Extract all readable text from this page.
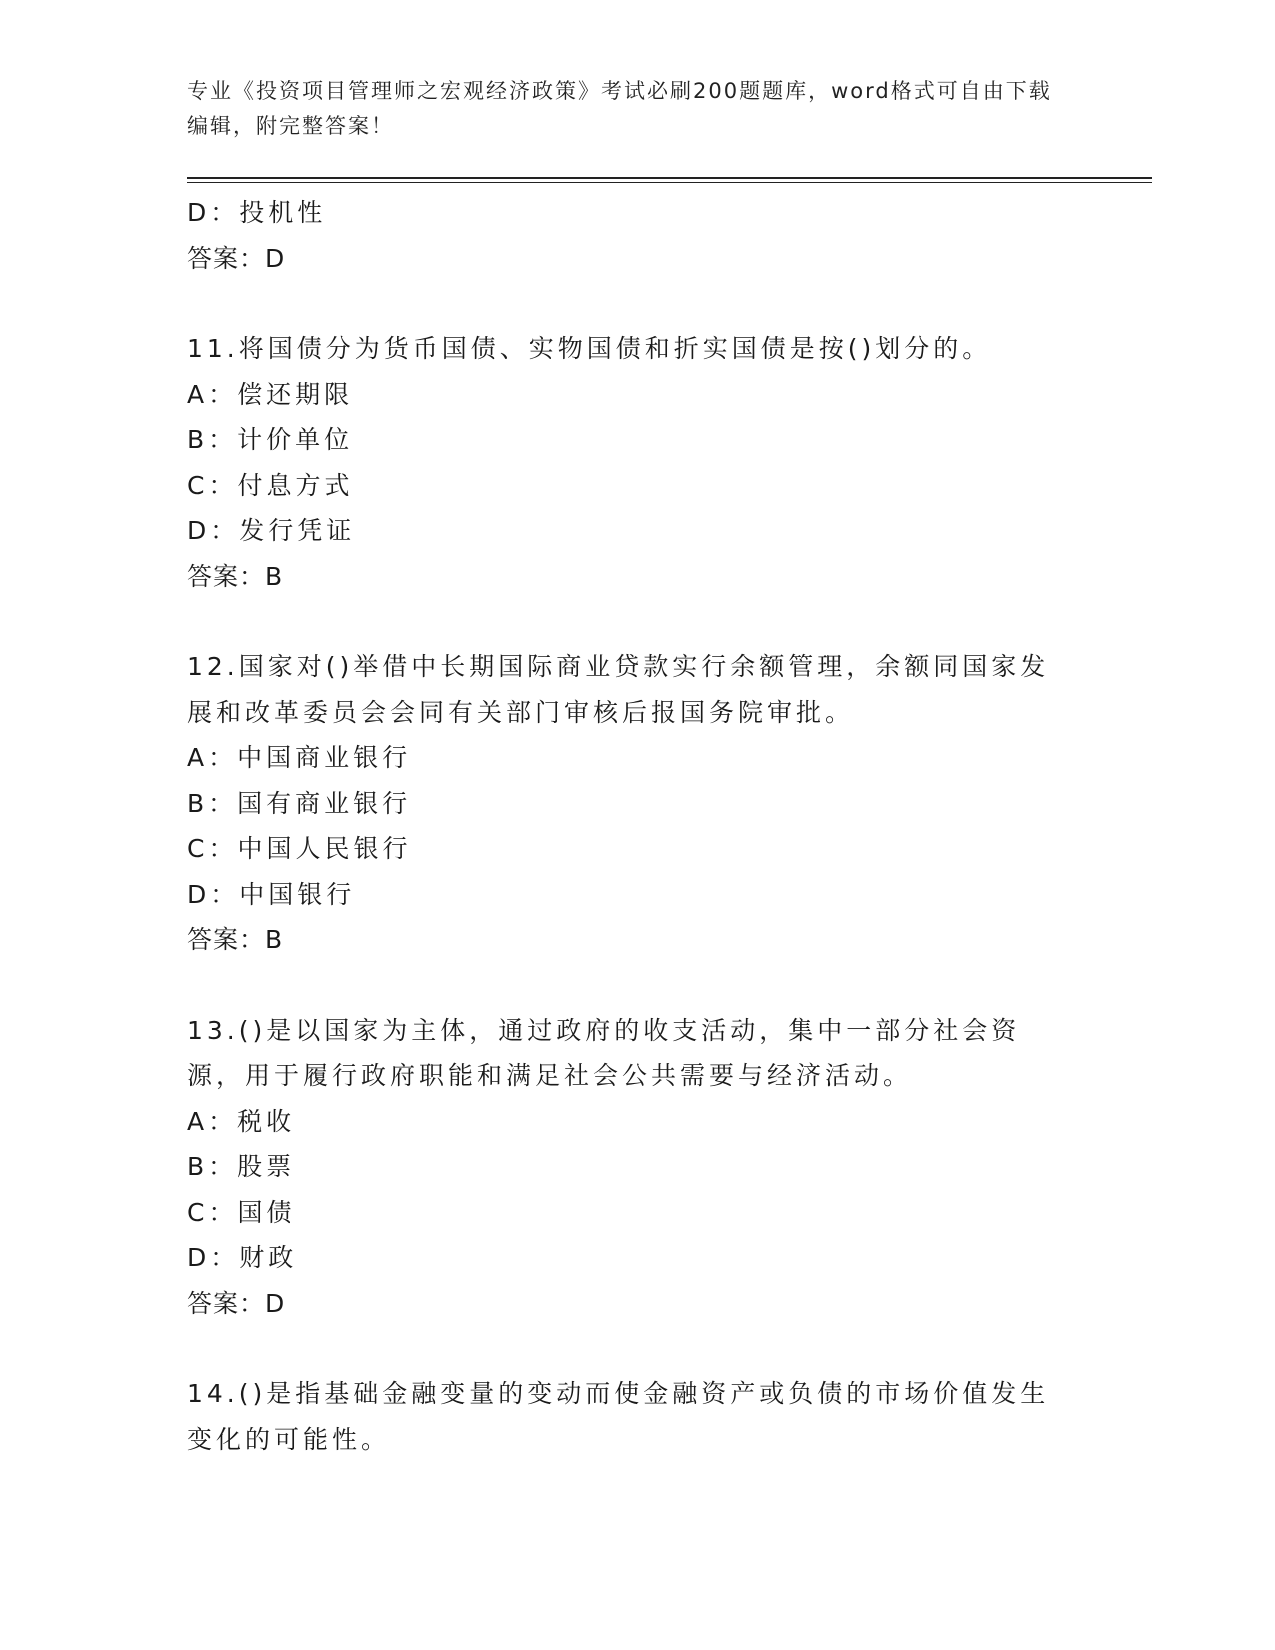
专业《投资项目管理师之宏观经济政策》考试必刷200题题库，word格式可自由下载编辑，附完整答案！
D：投机性
答案：D
11.将国债分为货币国债、实物国债和折实国债是按()划分的。
A：偿还期限
B：计价单位
C：付息方式
D：发行凭证
答案：B
12.国家对()举借中长期国际商业贷款实行余额管理，余额同国家发展和改革委员会会同有关部门审核后报国务院审批。
A：中国商业银行
B：国有商业银行
C：中国人民银行
D：中国银行
答案：B
13.()是以国家为主体，通过政府的收支活动，集中一部分社会资源，用于履行政府职能和满足社会公共需要与经济活动。
A：税收
B：股票
C：国债
D：财政
答案：D
14.()是指基础金融变量的变动而使金融资产或负债的市场价值发生变化的可能性。
